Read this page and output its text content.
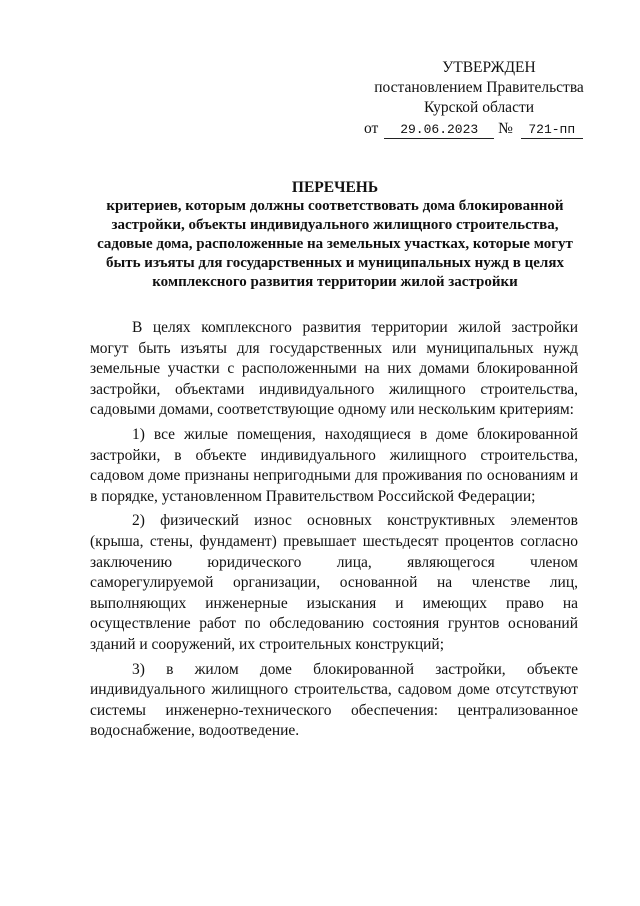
УТВЕРЖДЕН
постановлением Правительства
Курской области
от 29.06.2023 № 721-пп
ПЕРЕЧЕНЬ
критериев, которым должны соответствовать дома блокированной застройки, объекты индивидуального жилищного строительства, садовые дома, расположенные на земельных участках, которые могут быть изъяты для государственных и муниципальных нужд в целях комплексного развития территории жилой застройки

В целях комплексного развития территории жилой застройки могут быть изъяты для государственных или муниципальных нужд земельные участки с расположенными на них домами блокированной застройки, объектами индивидуального жилищного строительства, садовыми домами, соответствующие одному или нескольким критериям:

1) все жилые помещения, находящиеся в доме блокированной застройки, в объекте индивидуального жилищного строительства, садовом доме признаны непригодными для проживания по основаниям и в порядке, установленном Правительством Российской Федерации;

2) физический износ основных конструктивных элементов (крыша, стены, фундамент) превышает шестьдесят процентов согласно заключению юридического лица, являющегося членом саморегулируемой организации, основанной на членстве лиц, выполняющих инженерные изыскания и имеющих право на осуществление работ по обследованию состояния грунтов оснований зданий и сооружений, их строительных конструкций;

3) в жилом доме блокированной застройки, объекте индивидуального жилищного строительства, садовом доме отсутствуют системы инженерно-технического обеспечения: централизованное водоснабжение, водоотведение.
